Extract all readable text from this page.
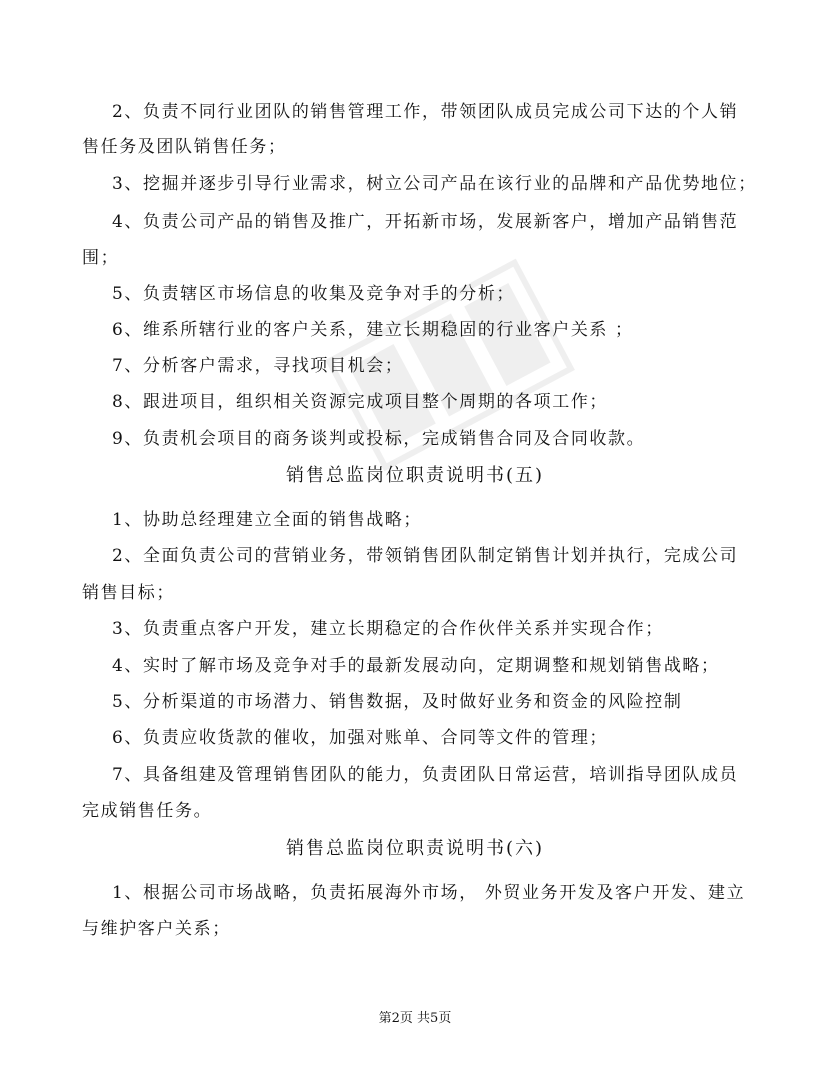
2、负责不同行业团队的销售管理工作，带领团队成员完成公司下达的个人销
售任务及团队销售任务；
3、挖掘并逐步引导行业需求，树立公司产品在该行业的品牌和产品优势地位；
4、负责公司产品的销售及推广，开拓新市场，发展新客户，增加产品销售范
围；
5、负责辖区市场信息的收集及竞争对手的分析；
6、维系所辖行业的客户关系，建立长期稳固的行业客户关系 ；
7、分析客户需求，寻找项目机会；
8、跟进项目，组织相关资源完成项目整个周期的各项工作；
9、负责机会项目的商务谈判或投标，完成销售合同及合同收款。
销售总监岗位职责说明书(五)
1、协助总经理建立全面的销售战略；
2、全面负责公司的营销业务，带领销售团队制定销售计划并执行，完成公司
销售目标；
3、负责重点客户开发，建立长期稳定的合作伙伴关系并实现合作；
4、实时了解市场及竞争对手的最新发展动向，定期调整和规划销售战略；
5、分析渠道的市场潜力、销售数据，及时做好业务和资金的风险控制
6、负责应收货款的催收，加强对账单、合同等文件的管理；
7、具备组建及管理销售团队的能力，负责团队日常运营，培训指导团队成员
完成销售任务。
销售总监岗位职责说明书(六)
1、根据公司市场战略，负责拓展海外市场， 外贸业务开发及客户开发、建立
与维护客户关系；
第2页 共5页
